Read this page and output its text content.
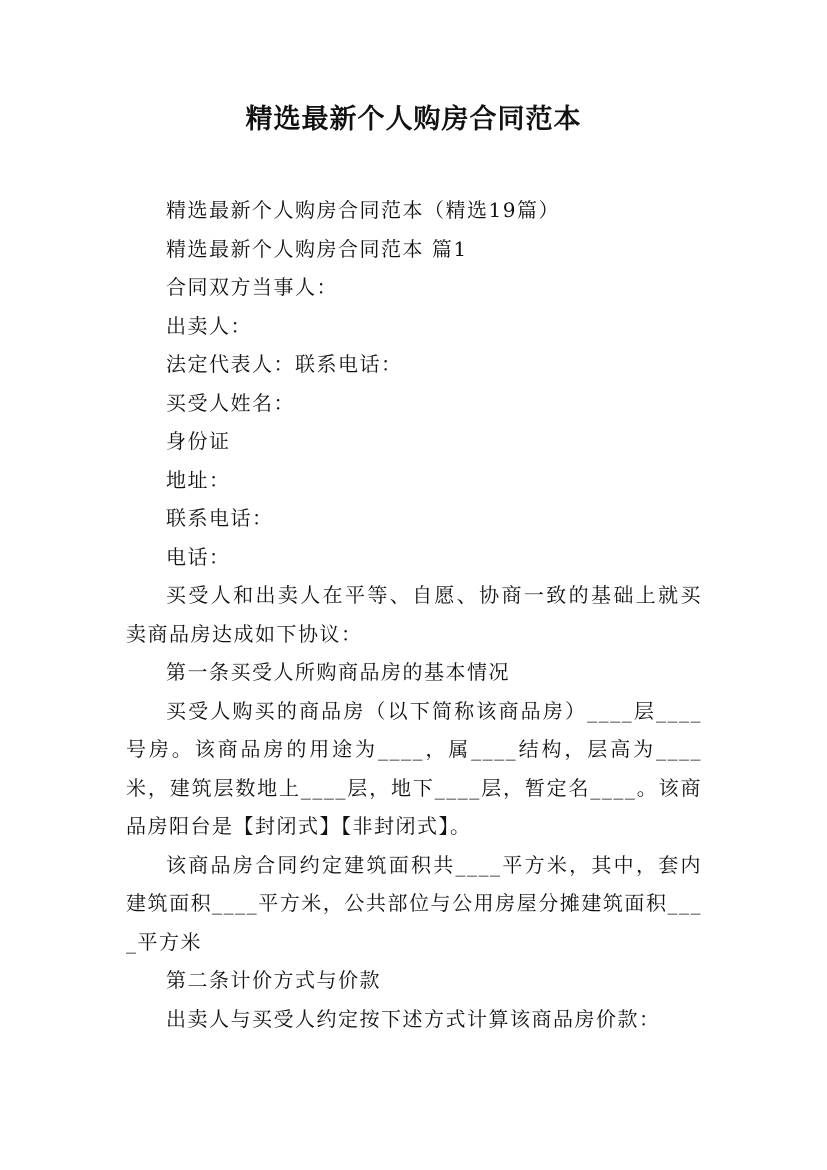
精选最新个人购房合同范本

精选最新个人购房合同范本（精选19篇）

精选最新个人购房合同范本 篇1

合同双方当事人：

出卖人：

法定代表人：联系电话：

买受人姓名：

身份证

地址：

联系电话：

电话：

买受人和出卖人在平等、自愿、协商一致的基础上就买卖商品房达成如下协议：

第一条买受人所购商品房的基本情况

买受人购买的商品房（以下简称该商品房）____层____号房。该商品房的用途为____，属____结构，层高为____米，建筑层数地上____层，地下____层，暂定名____。该商品房阳台是【封闭式】【非封闭式】。

该商品房合同约定建筑面积共____平方米，其中，套内建筑面积____平方米，公共部位与公用房屋分摊建筑面积____平方米

第二条计价方式与价款

出卖人与买受人约定按下述方式计算该商品房价款：
